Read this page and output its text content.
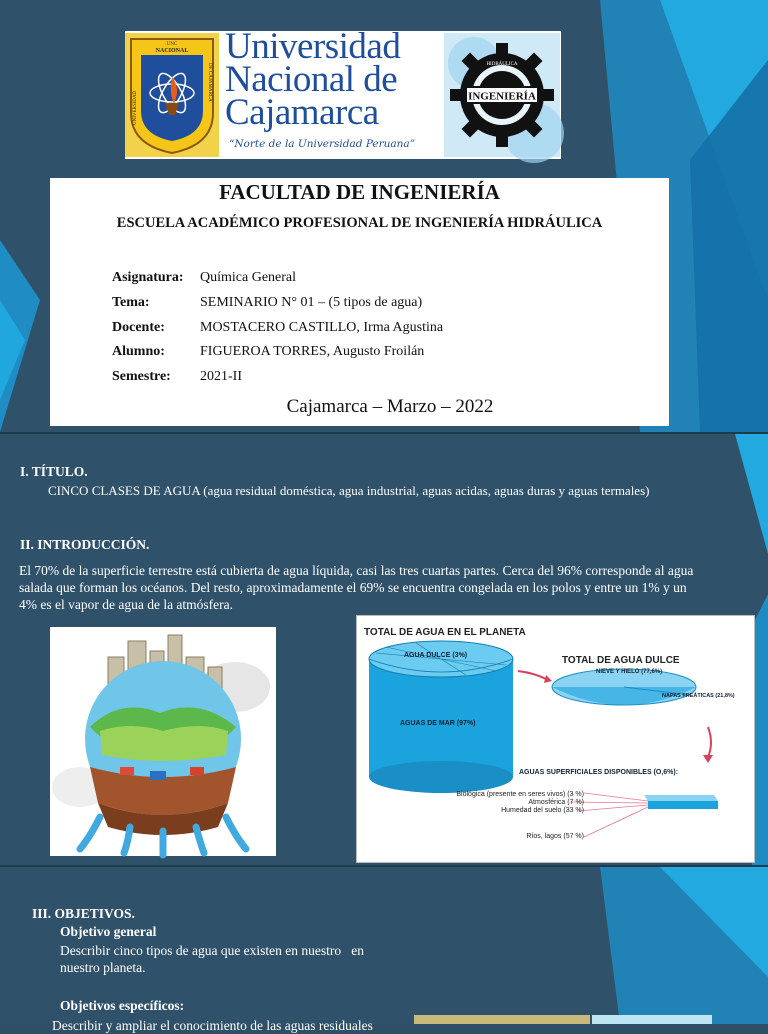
UNC
NACIONAL
UNIVERSIDAD
DE CAJAMARCA
Universidad
Nacional de
Cajamarca
“Norte de la Universidad Peruana”
INGENIERÍA
HIDRÁULICA
FACULTAD DE INGENIERÍA
ESCUELA ACADÉMICO PROFESIONAL DE INGENIERÍA HIDRÁULICA
Asignatura: Química General
Tema:	SEMINARIO N° 01 – (5 tipos de agua)
Docente:	MOSTACERO CASTILLO, Irma Agustina
Alumno:	FIGUEROA TORRES, Augusto Froilán
Semestre: 2021-II
Cajamarca – Marzo – 2022
I. TÍTULO.
CINCO CLASES DE AGUA (agua residual doméstica, agua industrial, aguas acidas, aguas duras y aguas termales)
II. INTRODUCCIÓN.
El 70% de la superficie terrestre está cubierta de agua líquida, casi las tres cuartas partes. Cerca del 96% corresponde al agua
salada que forman los océanos. Del resto, aproximadamente el 69% se encuentra congelada en los polos y entre un 1% y un
4% es el vapor de agua de la atmósfera.
TOTAL DE AGUA EN EL PLANETA
AGUA DULCE (3%)
AGUAS DE MAR (97%)
TOTAL DE AGUA DULCE
NIEVE Y HIELO (77,6%)
NAPAS FREÁTICAS (21,8%)
AGUAS SUPERFICIALES DISPONIBLES (O,6%):
Biológica (presente en seres vivos) (3 %)
Atmosférica (7 %)
Humedad del suelo (33 %)
Ríos, lagos (57 %)
III. OBJETIVOS.
Objetivo general
Describir cinco tipos de agua que existen en nuestro   en
nuestro planeta.
Objetivos específicos:
Describir y ampliar el conocimiento de las aguas residuales
